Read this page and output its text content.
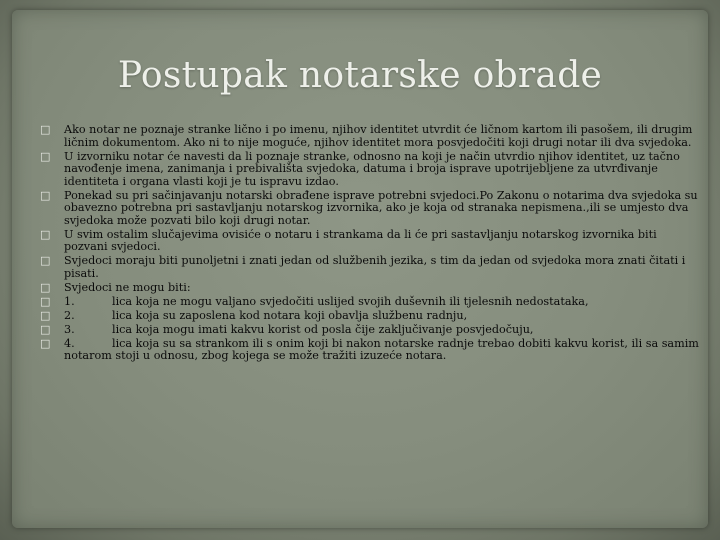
Postupak notarske obrade
□ Ako notar ne poznaje stranke lično i po imenu, njihov identitet utvrdit će ličnom kartom ili pasošem, ili drugim ličnim dokumentom. Ako ni to nije moguće, njihov identitet mora posvjedočiti koji drugi notar ili dva svjedoka.
□ U izvorniku notar će navesti da li poznaje stranke, odnosno na koji je način utvrdio njihov identitet, uz tačno navođenje imena, zanimanja i prebivališta svjedoka, datuma i broja isprave upotrijebljene za utvrđivanje identiteta i organa vlasti koji je tu ispravu izdao.
□ Ponekad su pri sačinjavanju notarski obrađene isprave potrebni svjedoci.Po Zakonu o notarima dva svjedoka su obavezno potrebna pri sastavljanju notarskog izvornika, ako je koja od stranaka nepismena.,ili se umjesto dva svjedoka može pozvati bilo koji drugi notar.
□ U svim ostalim slučajevima ovisiće o notaru i strankama da li će pri sastavljanju notarskog izvornika biti pozvani svjedoci.
□ Svjedoci moraju biti punoljetni i znati jedan od službenih jezika, s tim da jedan od svjedoka mora znati čitati i pisati.
□ Svjedoci ne mogu biti:
□ 1.	lica koja ne mogu valjano svjedočiti uslijed svojih duševnih ili tjelesnih nedostataka,
□ 2.	lica koja su zaposlena kod notara koji obavlja službenu radnju,
□ 3.	lica koja mogu imati kakvu korist od posla čije zaključivanje posvjedočuju,
□ 4.	lica koja su sa strankom ili s onim koji bi nakon notarske radnje trebao dobiti kakvu korist, ili sa samim notarom stoji u odnosu, zbog kojega se može tražiti izuzeće notara.
